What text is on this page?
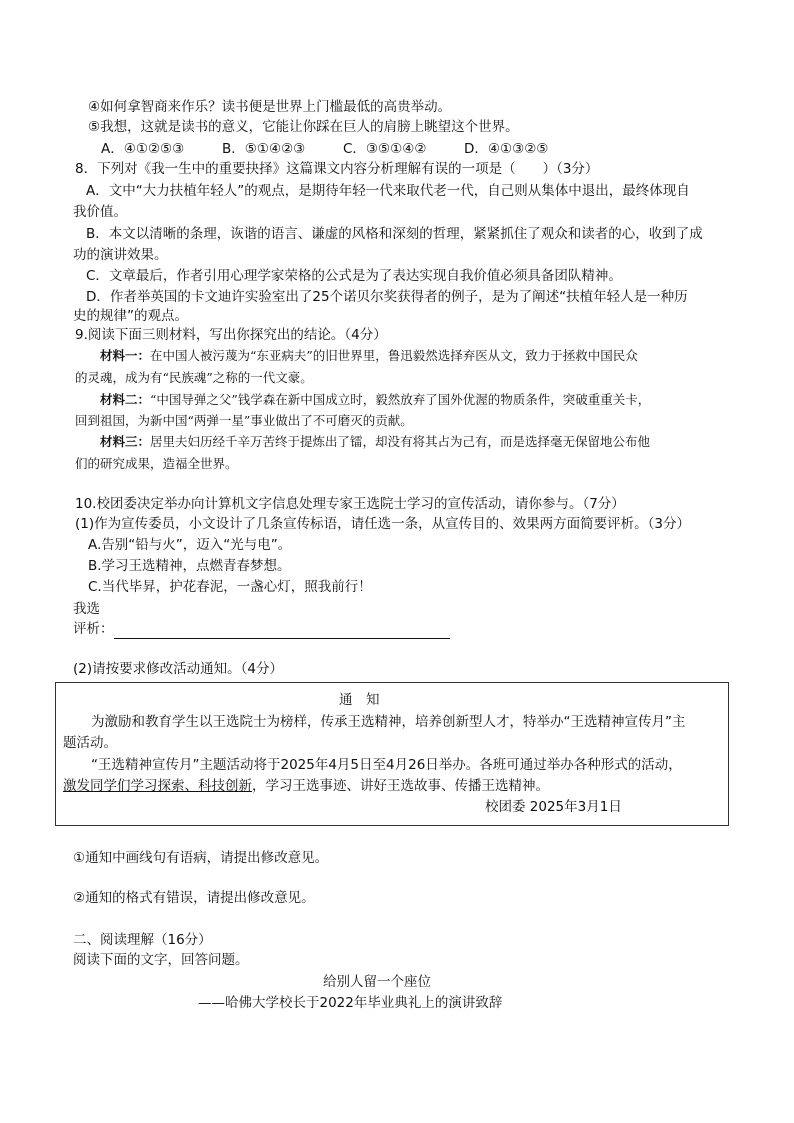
④如何拿智商来作乐？读书便是世界上门槛最低的高贵举动。
⑤我想，这就是读书的意义，它能让你踩在巨人的肩膀上眺望这个世界。
A．④①②⑤③	B．⑤①④②③	C．③⑤①④②	D．④①③②⑤
8．下列对《我一生中的重要抉择》这篇课文内容分析理解有误的一项是（　　）（3分）
A．文中“大力扶植年轻人”的观点，是期待年轻一代来取代老一代，自己则从集体中退出，最终体现自
我价值。
B．本文以清晰的条理，诙谐的语言、谦虚的风格和深刻的哲理，紧紧抓住了观众和读者的心，收到了成
功的演讲效果。
C．文章最后，作者引用心理学家荣格的公式是为了表达实现自我价值必须具备团队精神。
D．作者举英国的卡文迪许实验室出了25个诺贝尔奖获得者的例子，是为了阐述“扶植年轻人是一种历
史的规律”的观点。
9.阅读下面三则材料，写出你探究出的结论。（4分）
材料一：在中国人被污蔑为“东亚病夫”的旧世界里，鲁迅毅然选择弃医从文，致力于拯救中国民众
的灵魂，成为有“民族魂”之称的一代文豪。
材料二：“中国导弹之父”钱学森在新中国成立时，毅然放弃了国外优渥的物质条件，突破重重关卡，
回到祖国，为新中国“两弹一星”事业做出了不可磨灭的贡献。
材料三：居里夫妇历经千辛万苦终于提炼出了镭，却没有将其占为己有，而是选择毫无保留地公布他
们的研究成果，造福全世界。
10.校团委决定举办向计算机文字信息处理专家王选院士学习的宣传活动，请你参与。（7分）
(1)作为宣传委员，小文设计了几条宣传标语，请任选一条，从宣传目的、效果两方面简要评析。（3分）
A.告别“铅与火”，迈入“光与电”。
B.学习王选精神，点燃青春梦想。
C.当代毕昇，护花春泥，一盏心灯，照我前行！
我选
评析：
(2)请按要求修改活动通知。（4分）
通　知
为激励和教育学生以王选院士为榜样，传承王选精神，培养创新型人才，特举办“王选精神宣传月”主
题活动。
“王选精神宣传月”主题活动将于2025年4月5日至4月26日举办。各班可通过举办各种形式的活动，
激发同学们学习探索、科技创新，学习王选事迹、讲好王选故事、传播王选精神。
校团委 2025年3月1日
①通知中画线句有语病，请提出修改意见。
②通知的格式有错误，请提出修改意见。
二、阅读理解（16分）
阅读下面的文字，回答问题。
给别人留一个座位
——哈佛大学校长于2022年毕业典礼上的演讲致辞
